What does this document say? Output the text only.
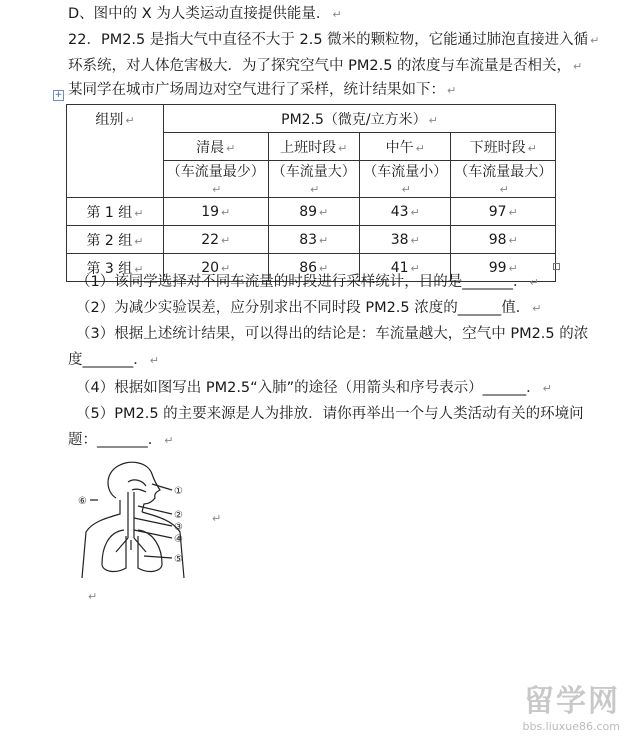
D、图中的 X 为人类运动直接提供能量． ↵
22．PM2.5 是指大气中直径不大于 2.5 微米的颗粒物，它能通过肺泡直接进入循 ↵
环系统，对人体危害极大．为了探究空气中 PM2.5 的浓度与车流量是否相关， ↵
某同学在城市广场周边对空气进行了采样，统计结果如下： ↵
+
组别 ↵	PM2.5（微克/立方米） ↵			
	清晨 ↵	上班时段 ↵	中午 ↵	下班时段 ↵
	（车流量最少）↵	（车流量大）↵	（车流量小）↵	（车流量最大）↵
第 1 组 ↵	19 ↵	89 ↵	43 ↵	97 ↵
第 2 组 ↵	22 ↵	83 ↵	38 ↵	98 ↵
第 3 组 ↵	20 ↵	86 ↵	41 ↵	99 ↵
（1）该同学选择对不同车流量的时段进行采样统计，目的是_______． ↵
（2）为减少实验误差，应分别求出不同时段 PM2.5 浓度的______值． ↵
（3）根据上述统计结果，可以得出的结论是：车流量越大，空气中 PM2.5 的浓
度_______． ↵
（4）根据如图写出 PM2.5“入肺”的途径（用箭头和序号表示）______． ↵
（5）PM2.5 的主要来源是人为排放．请你再举出一个与人类活动有关的环境问
题：_______． ↵
①
②
③
④
⑤
⑥
↵
↵
留学网
bbs.liuxue86.com
